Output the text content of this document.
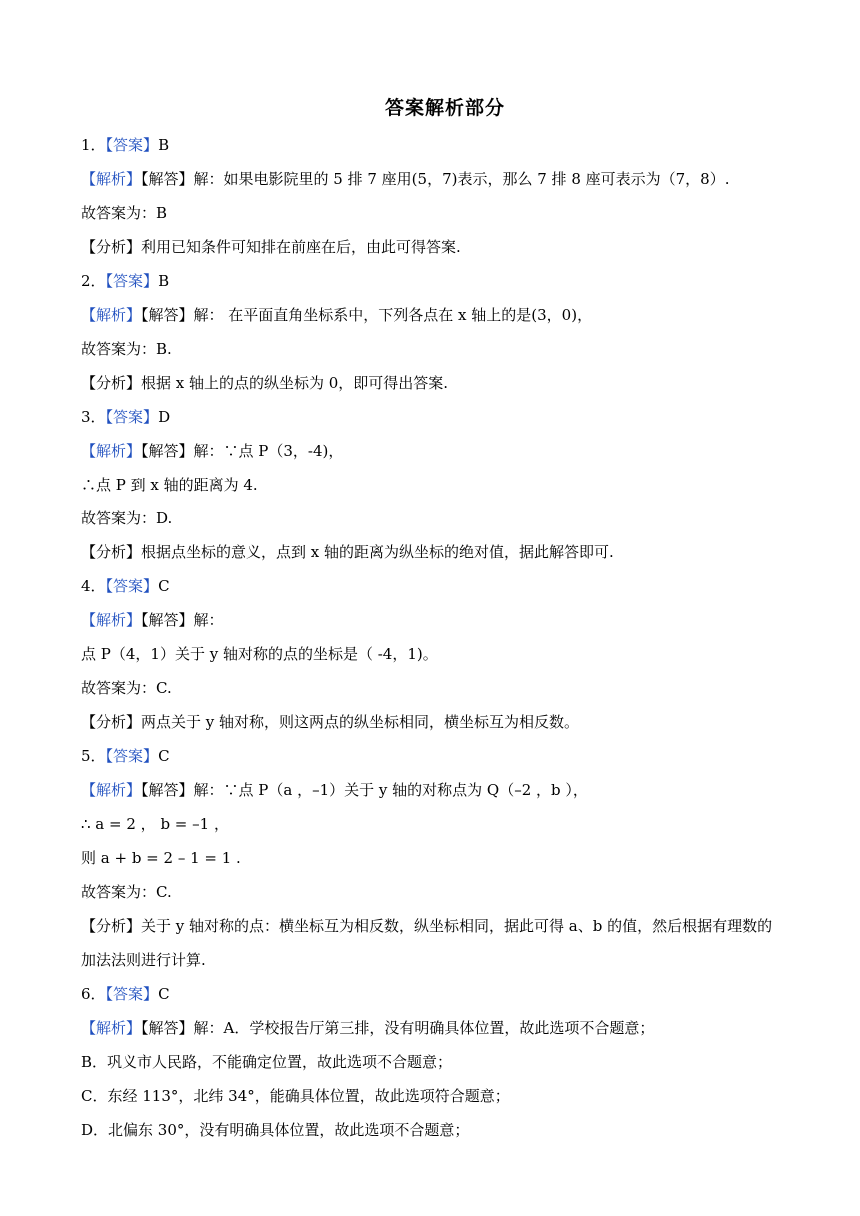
答案解析部分
1．【答案】B
【解析】【解答】解：如果电影院里的 5 排 7 座用(5，7)表示，那么 7 排 8 座可表示为（7，8）.
故答案为：B
【分析】利用已知条件可知排在前座在后，由此可得答案.
2．【答案】B
【解析】【解答】解： 在平面直角坐标系中，下列各点在 x 轴上的是(3，0)，
故答案为：B.
【分析】根据 x 轴上的点的纵坐标为 0，即可得出答案.
3．【答案】D
【解析】【解答】解：∵点 P（3，-4)，
∴点 P 到 x 轴的距离为 4.
故答案为：D.
【分析】根据点坐标的意义，点到 x 轴的距离为纵坐标的绝对值，据此解答即可.
4．【答案】C
【解析】【解答】解：
点 P（4，1）关于 y 轴对称的点的坐标是（ -4，1)。
故答案为：C.
【分析】两点关于 y 轴对称，则这两点的纵坐标相同，横坐标互为相反数。
5．【答案】C
【解析】【解答】解：∵点 P（a ，–1）关于 y 轴的对称点为 Q（–2 ，b ），
∴ a = 2 ， b = –1 ，
则 a + b = 2 – 1 = 1 .
故答案为：C.
【分析】关于 y 轴对称的点：横坐标互为相反数，纵坐标相同，据此可得 a、b 的值，然后根据有理数的
加法法则进行计算.
6．【答案】C
【解析】【解答】解：A．学校报告厅第三排，没有明确具体位置，故此选项不合题意；
B．巩义市人民路，不能确定位置，故此选项不合题意；
C．东经 113°，北纬 34°，能确具体位置，故此选项符合题意；
D．北偏东 30°，没有明确具体位置，故此选项不合题意；
